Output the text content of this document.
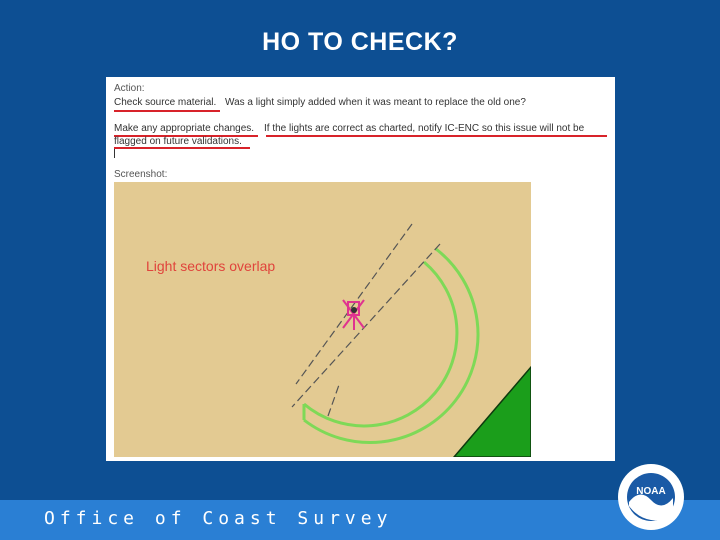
HO TO CHECK?
Action:
Check source material. Was a light simply added when it was meant to replace the old one?
Make any appropriate changes. If the lights are correct as charted, notify IC-ENC so this issue will not be
flagged on future validations.
Screenshot:
Light sectors overlap
Office of Coast Survey
NOAA
